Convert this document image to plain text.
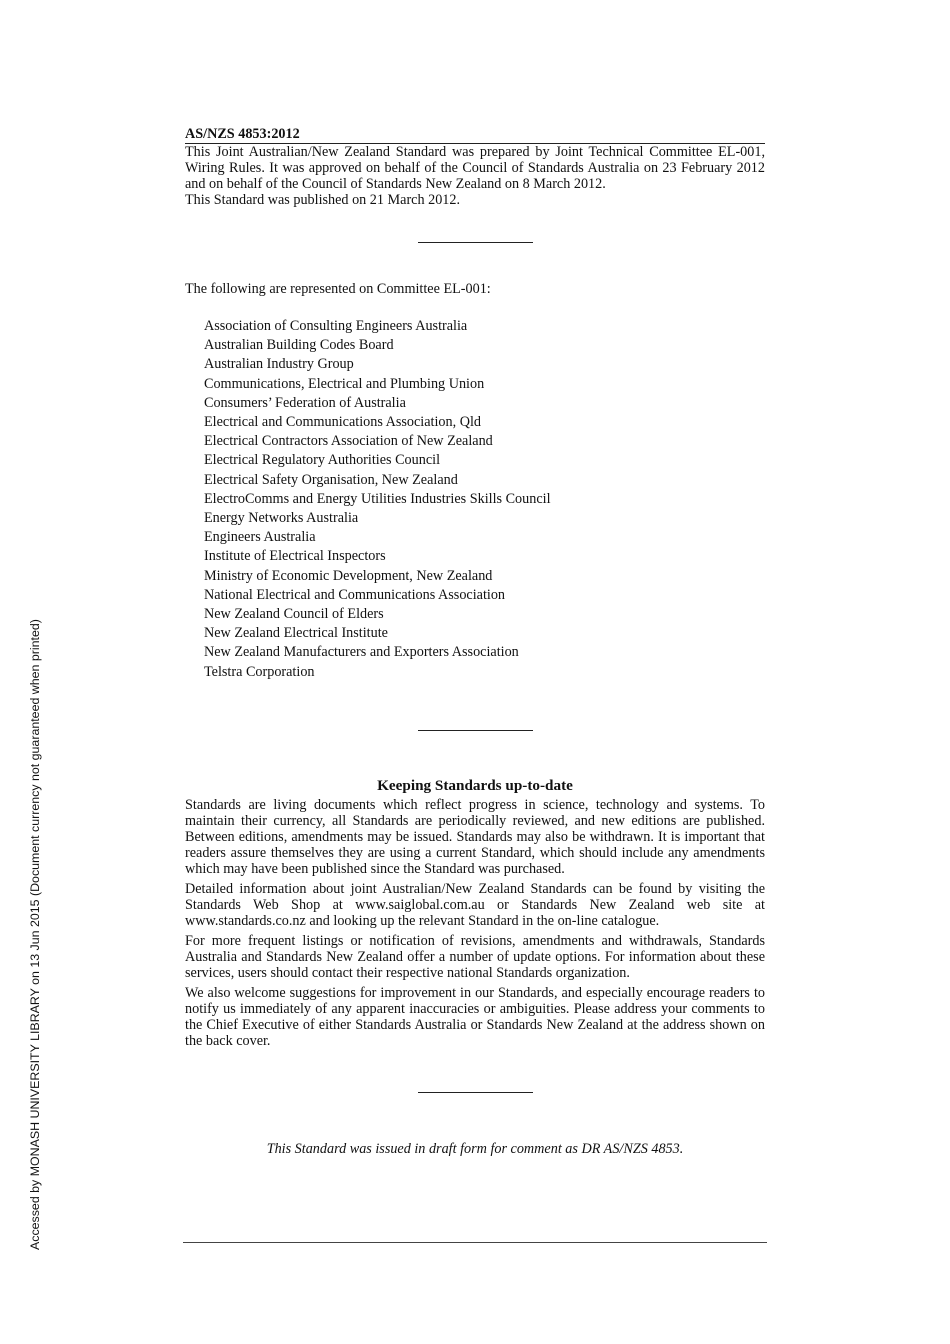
Accessed by MONASH UNIVERSITY LIBRARY on 13 Jun 2015 (Document currency not guaranteed when printed)
AS/NZS 4853:2012

This Joint Australian/New Zealand Standard was prepared by Joint Technical Committee EL-001, Wiring Rules. It was approved on behalf of the Council of Standards Australia on 23 February 2012 and on behalf of the Council of Standards New Zealand on 8 March 2012.

This Standard was published on 21 March 2012.

The following are represented on Committee EL-001:

Association of Consulting Engineers Australia
Australian Building Codes Board
Australian Industry Group
Communications, Electrical and Plumbing Union
Consumers’ Federation of Australia
Electrical and Communications Association, Qld
Electrical Contractors Association of New Zealand
Electrical Regulatory Authorities Council
Electrical Safety Organisation, New Zealand
ElectroComms and Energy Utilities Industries Skills Council
Energy Networks Australia
Engineers Australia
Institute of Electrical Inspectors
Ministry of Economic Development, New Zealand
National Electrical and Communications Association
New Zealand Council of Elders
New Zealand Electrical Institute
New Zealand Manufacturers and Exporters Association
Telstra Corporation
Keeping Standards up-to-date

Standards are living documents which reflect progress in science, technology and systems. To maintain their currency, all Standards are periodically reviewed, and new editions are published. Between editions, amendments may be issued. Standards may also be withdrawn. It is important that readers assure themselves they are using a current Standard, which should include any amendments which may have been published since the Standard was purchased.

Detailed information about joint Australian/New Zealand Standards can be found by visiting the Standards Web Shop at www.saiglobal.com.au or Standards New Zealand web site at www.standards.co.nz and looking up the relevant Standard in the on-line catalogue.

For more frequent listings or notification of revisions, amendments and withdrawals, Standards Australia and Standards New Zealand offer a number of update options. For information about these services, users should contact their respective national Standards organization.

We also welcome suggestions for improvement in our Standards, and especially encourage readers to notify us immediately of any apparent inaccuracies or ambiguities. Please address your comments to the Chief Executive of either Standards Australia or Standards New Zealand at the address shown on the back cover.

This Standard was issued in draft form for comment as DR AS/NZS 4853.
